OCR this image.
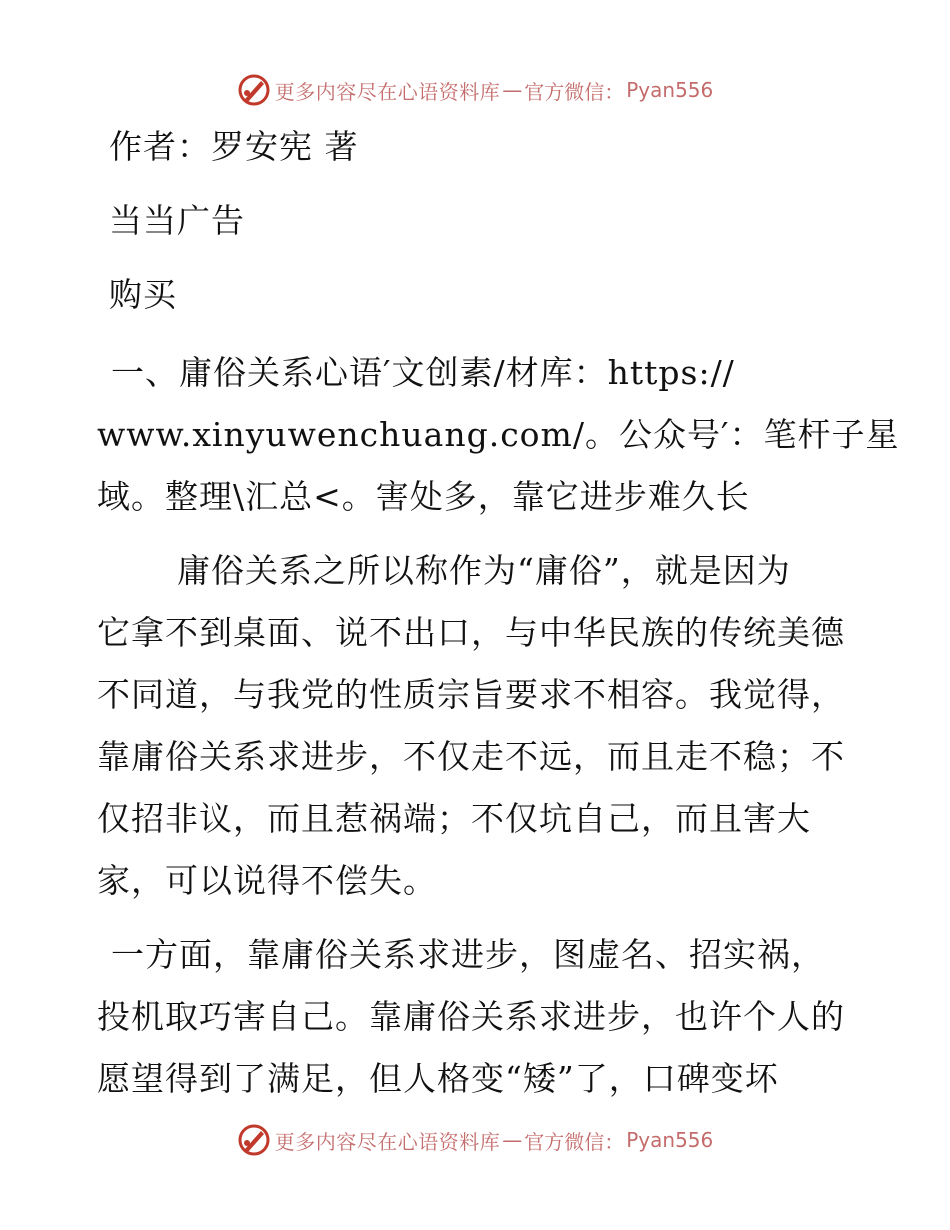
更多内容尽在心语资料库 — 官方微信： Pyan556
作者：罗安宪 著
当当广告
购买
一、庸俗关系心语′文创素/材库：https://
www.xinyuwenchuang.com/。公众号′：笔杆子星
域。整理\汇总<。害处多，靠它进步难久长
庸俗关系之所以称作为“庸俗”，就是因为
它拿不到桌面、说不出口，与中华民族的传统美德
不同道，与我党的性质宗旨要求不相容。我觉得，
靠庸俗关系求进步，不仅走不远，而且走不稳；不
仅招非议，而且惹祸端；不仅坑自己，而且害大
家，可以说得不偿失。
一方面，靠庸俗关系求进步，图虚名、招实祸，
投机取巧害自己。靠庸俗关系求进步，也许个人的
愿望得到了满足，但人格变“矮”了，口碑变坏
更多内容尽在心语资料库 — 官方微信： Pyan556
